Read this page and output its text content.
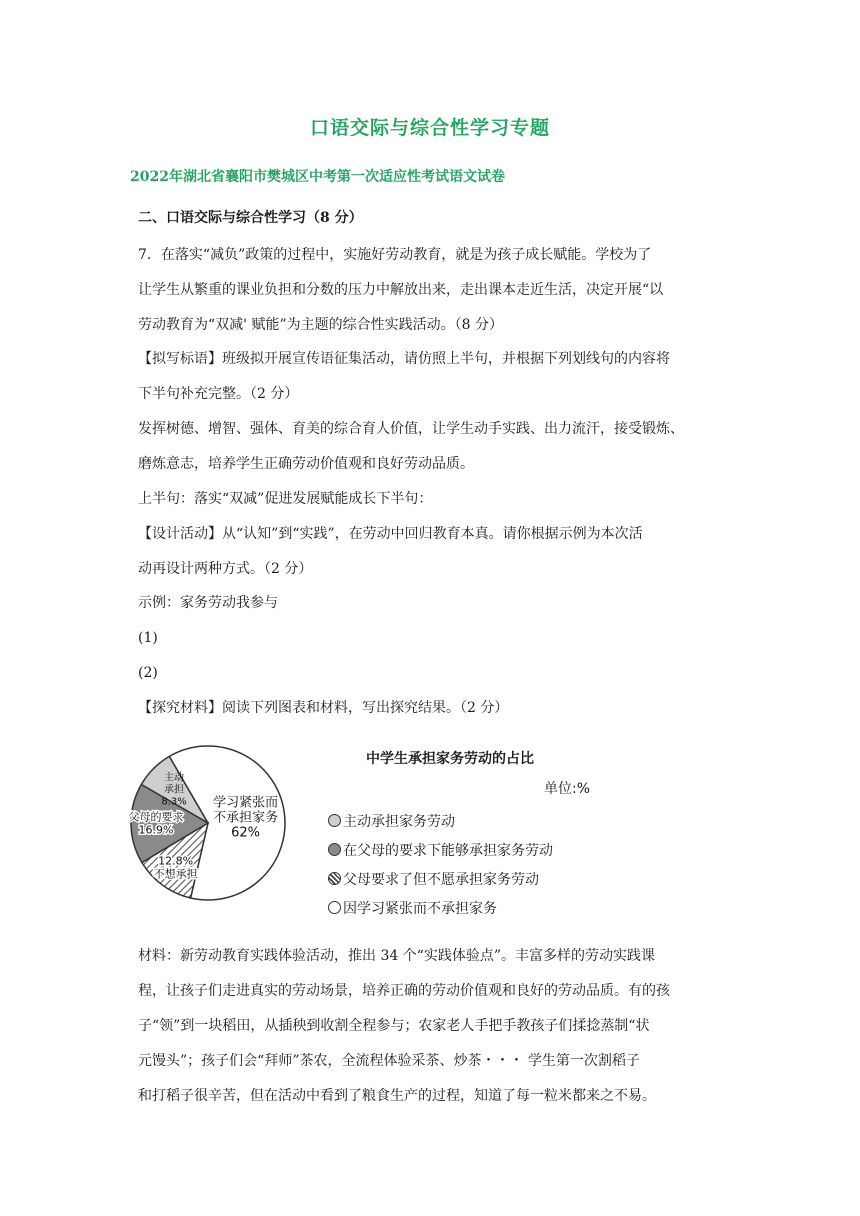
口语交际与综合性学习专题
2022年湖北省襄阳市樊城区中考第一次适应性考试语文试卷
二、口语交际与综合性学习（8 分）

7．在落实“减负”政策的过程中，实施好劳动教育，就是为孩子成长赋能。学校为了

让学生从繁重的课业负担和分数的压力中解放出来，走出课本走近生活，决定开展“以

劳动教育为“双减' 赋能”为主题的综合性实践活动。（8 分）

【拟写标语】班级拟开展宣传语征集活动，请仿照上半句，并根据下列划线句的内容将

下半句补充完整。（2 分）

发挥树德、增智、强体、育美的综合育人价值，让学生动手实践、出力流汗，接受锻炼、

磨炼意志，培养学生正确劳动价值观和良好劳动品质。

上半句：落实“双减”促进发展赋能成长下半句：

【设计活动】从“认知”到“实践”，在劳动中回归教育本真。请你根据示例为本次活

动再设计两种方式。（2 分）

示例：家务劳动我参与

(1)

(2)

【探究材料】阅读下列图表和材料，写出探究结果。（2 分）

主动承担 8.3%
父母的要求 16.9%
12.8%不想承担
学习紧张而不承担家务 62%
中学生承担家务劳动的占比
单位:%
主动承担家务劳动
在父母的要求下能够承担家务劳动
父母要求了但不愿承担家务劳动
因学习紧张而不承担家务

材料：新劳动教育实践体验活动，推出 34 个“实践体验点”。丰富多样的劳动实践课

程，让孩子们走进真实的劳动场景，培养正确的劳动价值观和良好的劳动品质。有的孩

子“领”到一块稻田，从插秧到收割全程参与；农家老人手把手教孩子们揉捻蒸制“状

元馒头”；孩子们会“拜师”茶农，全流程体验采茶、炒茶・・・ 学生第一次割稻子

和打稻子很辛苦，但在活动中看到了粮食生产的过程，知道了每一粒米都来之不易。
